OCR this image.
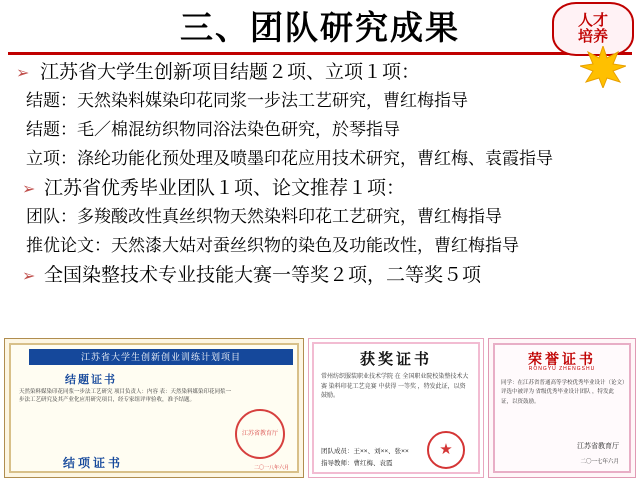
三、团队研究成果	人才
培养
➢ 江苏省大学生创新项目结题２项、立项１项：
结题：天然染料媒染印花同浆一步法工艺研究，曹红梅指导
结题：毛／棉混纺织物同浴法染色研究，於琴指导
立项：涤纶功能化预处理及喷墨印花应用技术研究，曹红梅、袁霞指导
➢ 江苏省优秀毕业团队１项、论文推荐１项：
团队：多羧酸改性真丝织物天然染料印花工艺研究，曹红梅指导
推优论文：天然漆大姑对蚕丝织物的染色及功能改性，曹红梅指导
➢ 全国染整技术专业技能大赛一等奖２项，二等奖５项
江苏省大学生创新创业训练计划项目
结题证书
天然染料媒染印花同浆一步法工艺研究 项目负责人：内容 表：天然染料媒染印花同浆一步法工艺研究及其产业化应用研究项目，经专家组评审验收，准予结题。
结项证书
江苏省教育厅
二〇一八年六月
获奖证书
常州纺织服装职业技术学院 在 全国职业院校染整技术大赛 染料印花工艺竞赛 中获得 一等奖 ，特发此证，以资鼓励。
团队成员：王××、刘××、张××
指导教师：曹红梅、袁霞
★
荣誉证书
RONGYU ZHENGSHU
同学：在江苏省普通高等学校优秀毕业设计（论文）评选中被评为 省级优秀毕业设计团队 ，特发此证，以资鼓励。
江苏省教育厅
二〇一七年六月
